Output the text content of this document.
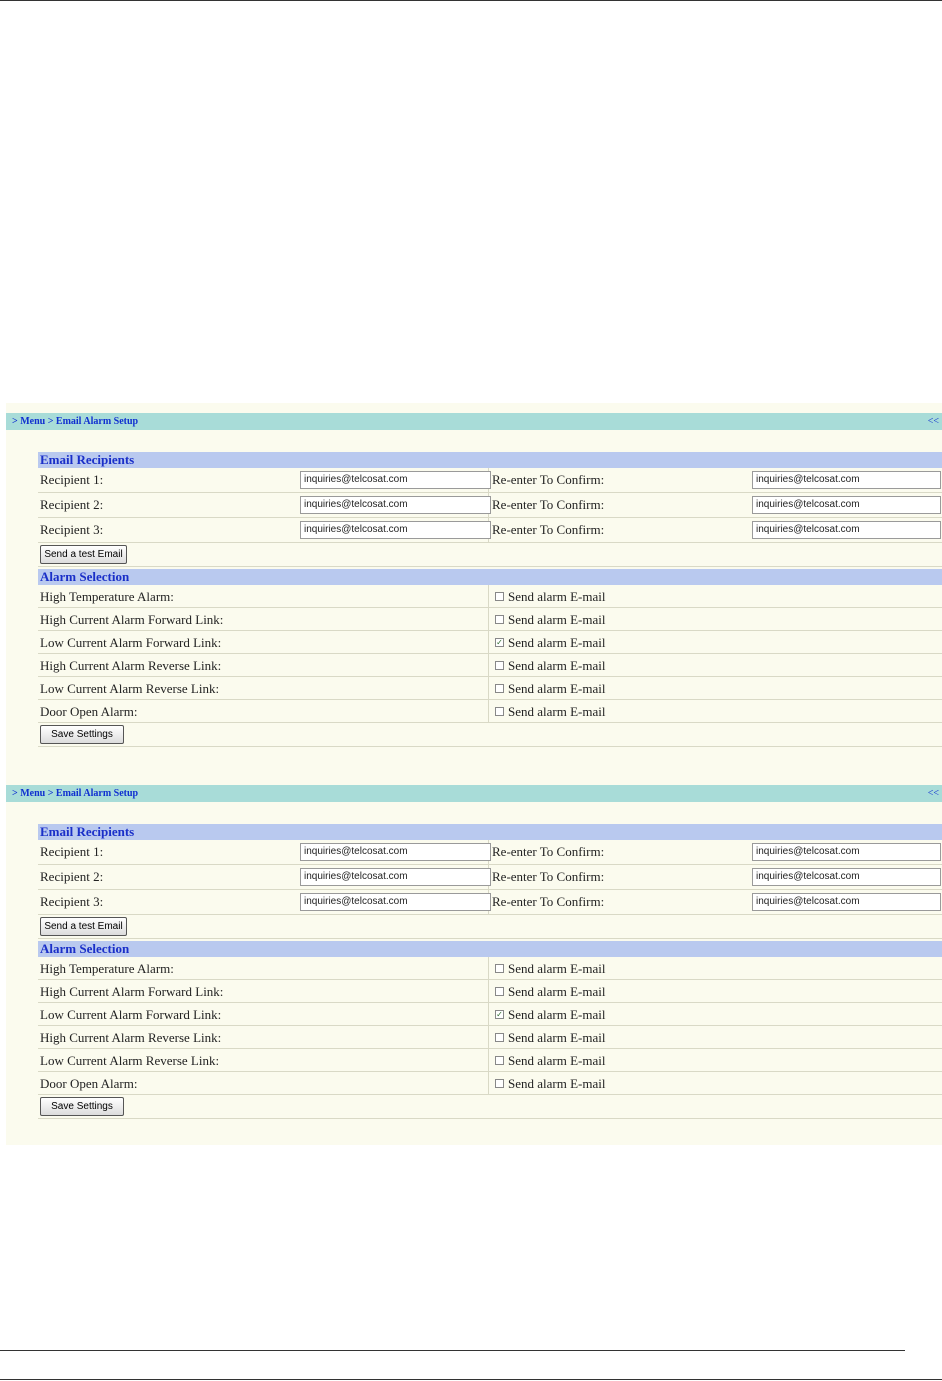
> Menu > Email Alarm Setup	<<
Email Recipients
Recipient 1:	inquiries@telcosat.com	Re-enter To Confirm:	inquiries@telcosat.com
Recipient 2:	inquiries@telcosat.com	Re-enter To Confirm:	inquiries@telcosat.com
Recipient 3:	inquiries@telcosat.com	Re-enter To Confirm:	inquiries@telcosat.com
Send a test Email
Alarm Selection
High Temperature Alarm:	Send alarm E-mail
High Current Alarm Forward Link:	Send alarm E-mail
Low Current Alarm Forward Link:	✓ Send alarm E-mail
High Current Alarm Reverse Link:	Send alarm E-mail
Low Current Alarm Reverse Link:	Send alarm E-mail
Door Open Alarm:	Send alarm E-mail
Save Settings
> Menu > Email Alarm Setup	<<
Email Recipients
Recipient 1:	inquiries@telcosat.com	Re-enter To Confirm:	inquiries@telcosat.com
Recipient 2:	inquiries@telcosat.com	Re-enter To Confirm:	inquiries@telcosat.com
Recipient 3:	inquiries@telcosat.com	Re-enter To Confirm:	inquiries@telcosat.com
Send a test Email
Alarm Selection
High Temperature Alarm:	Send alarm E-mail
High Current Alarm Forward Link:	Send alarm E-mail
Low Current Alarm Forward Link:	✓ Send alarm E-mail
High Current Alarm Reverse Link:	Send alarm E-mail
Low Current Alarm Reverse Link:	Send alarm E-mail
Door Open Alarm:	Send alarm E-mail
Save Settings
